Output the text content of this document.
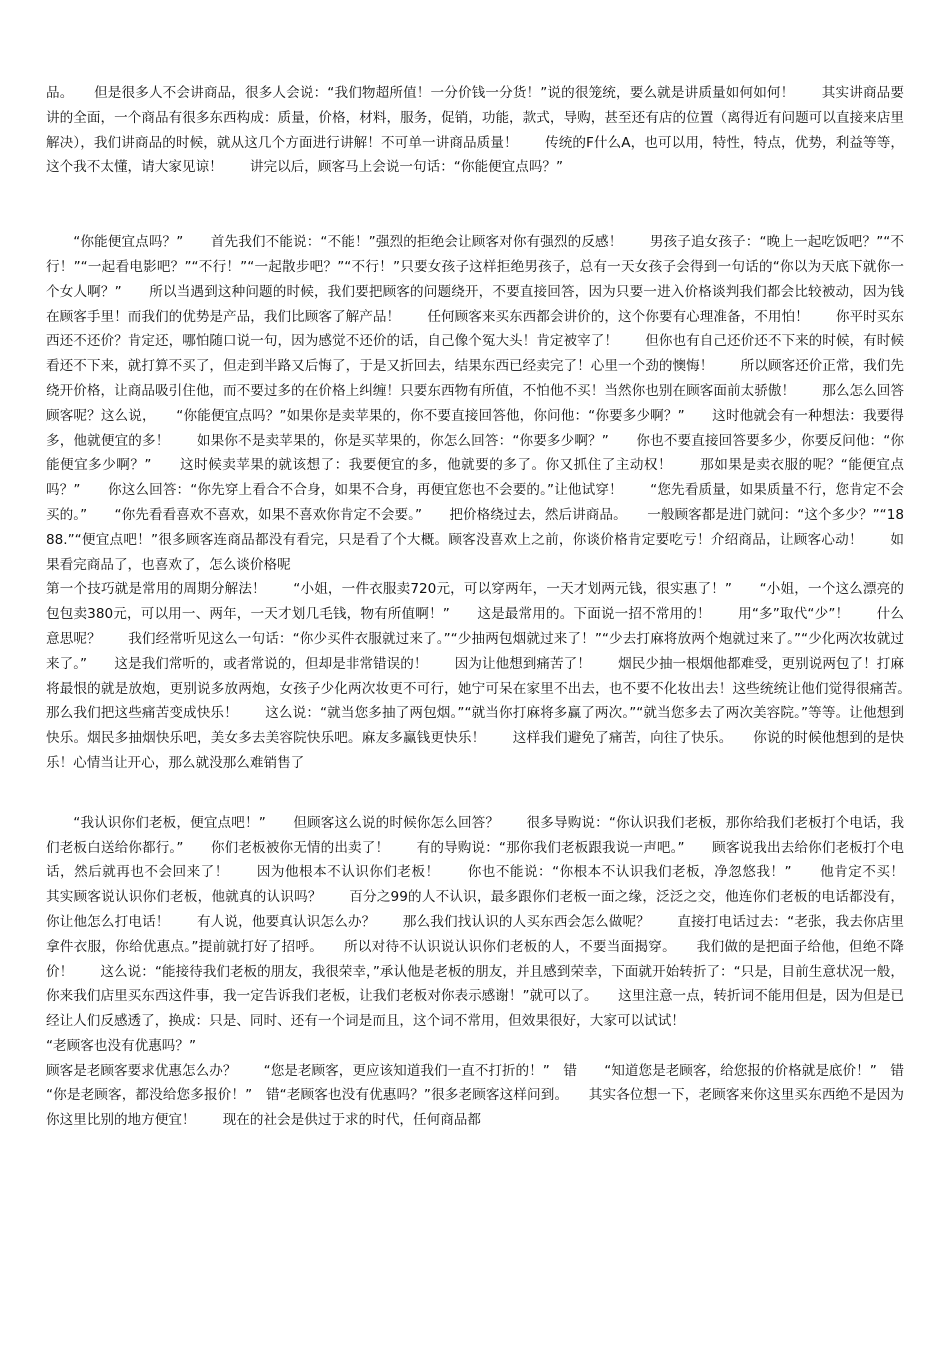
品。　　但是很多人不会讲商品，很多人会说：“我们物超所值！一分价钱一分货！”说的很笼统，要么就是讲质量如何如何！　　其实讲商品要讲的全面，一个商品有很多东西构成：质量，价格，材料，服务，促销，功能，款式，导购，甚至还有店的位置（离得近有问题可以直接来店里解决），我们讲商品的时候，就从这几个方面进行讲解！不可单一讲商品质量！　　传统的F什么A，也可以用，特性，特点，优势，利益等等，这个我不太懂，请大家见谅！　　讲完以后，顾客马上会说一句话：“你能便宜点吗？”

“你能便宜点吗？”　　首先我们不能说：“不能！”强烈的拒绝会让顾客对你有强烈的反感！　　男孩子追女孩子：“晚上一起吃饭吧？”“不行！”“一起看电影吧？”“不行！”“一起散步吧？”“不行！”只要女孩子这样拒绝男孩子，总有一天女孩子会得到一句话的“你以为天底下就你一个女人啊？”　　所以当遇到这种问题的时候，我们要把顾客的问题绕开，不要直接回答，因为只要一进入价格谈判我们都会比较被动，因为钱在顾客手里！而我们的优势是产品，我们比顾客了解产品！　　任何顾客来买东西都会讲价的，这个你要有心理准备，不用怕！　　你平时买东西还不还价？肯定还，哪怕随口说一句，因为感觉不还价的话，自己像个冤大头！肯定被宰了！　　但你也有自己还价还不下来的时候，有时候看还不下来，就打算不买了，但走到半路又后悔了，于是又折回去，结果东西已经卖完了！心里一个劲的懊悔！　　所以顾客还价正常，我们先绕开价格，让商品吸引住他，而不要过多的在价格上纠缠！只要东西物有所值，不怕他不买！当然你也别在顾客面前太骄傲！　　那么怎么回答顾客呢？这么说，　　“你能便宜点吗？”如果你是卖苹果的，你不要直接回答他，你问他：“你要多少啊？”　　这时他就会有一种想法：我要得多，他就便宜的多！　　如果你不是卖苹果的，你是买苹果的，你怎么回答：“你要多少啊？”　　你也不要直接回答要多少，你要反问他：“你能便宜多少啊？”　　这时候卖苹果的就该想了：我要便宜的多，他就要的多了。你又抓住了主动权！　　那如果是卖衣服的呢？“能便宜点吗？”　　你这么回答：“你先穿上看合不合身，如果不合身，再便宜您也不会要的。”让他试穿！　　“您先看质量，如果质量不行，您肯定不会买的。”　　“你先看看喜欢不喜欢，如果不喜欢你肯定不会要。”　　把价格绕过去，然后讲商品。　　一般顾客都是进门就问：“这个多少？”“1888.”“便宜点吧！”很多顾客连商品都没有看完，只是看了个大概。顾客没喜欢上之前，你谈价格肯定要吃亏！介绍商品，让顾客心动！　　如果看完商品了，也喜欢了，怎么谈价格呢

第一个技巧就是常用的周期分解法！　　“小姐，一件衣服卖720元，可以穿两年，一天才划两元钱，很实惠了！”　　“小姐，一个这么漂亮的包包卖380元，可以用一、两年，一天才划几毛钱，物有所值啊！”　　这是最常用的。下面说一招不常用的！　　用“多”取代“少”！　　什么意思呢？　　我们经常听见这么一句话：“你少买件衣服就过来了。”“少抽两包烟就过来了！”“少去打麻将放两个炮就过来了。”“少化两次妆就过来了。”　　这是我们常听的，或者常说的，但却是非常错误的！　　因为让他想到痛苦了！　　烟民少抽一根烟他都难受，更别说两包了！打麻将最恨的就是放炮，更别说多放两炮，女孩子少化两次妆更不可行，她宁可呆在家里不出去，也不要不化妆出去！这些统统让他们觉得很痛苦。　　那么我们把这些痛苦变成快乐！　　这么说：“就当您多抽了两包烟。”“就当你打麻将多赢了两次。”“就当您多去了两次美容院。”等等。让他想到快乐。烟民多抽烟快乐吧，美女多去美容院快乐吧。麻友多赢钱更快乐！　　这样我们避免了痛苦，向往了快乐。　　你说的时候他想到的是快乐！心情当让开心，那么就没那么难销售了

“我认识你们老板，便宜点吧！”　　但顾客这么说的时候你怎么回答？　　很多导购说：“你认识我们老板，那你给我们老板打个电话，我们老板白送给你都行。”　　你们老板被你无情的出卖了！　　有的导购说：“那你我们老板跟我说一声吧。”　　顾客说我出去给你们老板打个电话，然后就再也不会回来了！　　因为他根本不认识你们老板！　　你也不能说：“你根本不认识我们老板，净忽悠我！”　　他肯定不买！　　其实顾客说认识你们老板，他就真的认识吗？　　百分之99的人不认识，最多跟你们老板一面之缘，泛泛之交，他连你们老板的电话都没有，你让他怎么打电话！　　有人说，他要真认识怎么办？　　那么我们找认识的人买东西会怎么做呢？　　直接打电话过去：“老张，我去你店里拿件衣服，你给优惠点。”提前就打好了招呼。　　所以对待不认识说认识你们老板的人，不要当面揭穿。　　我们做的是把面子给他，但绝不降价！　　这么说：“能接待我们老板的朋友，我很荣幸，”承认他是老板的朋友，并且感到荣幸，下面就开始转折了：“只是，目前生意状况一般，你来我们店里买东西这件事，我一定告诉我们老板，让我们老板对你表示感谢！”就可以了。　　这里注意一点，转折词不能用但是，因为但是已经让人们反感透了，换成：只是、同时、还有一个词是而且，这个词不常用，但效果很好，大家可以试试！

“老顾客也没有优惠吗？”

顾客是老顾客要求优惠怎么办？　　“您是老顾客，更应该知道我们一直不打折的！”　错　　“知道您是老顾客，给您报的价格就是底价！”　错　　“你是老顾客，都没给您多报价！”　错“老顾客也没有优惠吗？”很多老顾客这样问到。　　其实各位想一下，老顾客来你这里买东西绝不是因为你这里比别的地方便宜！　　现在的社会是供过于求的时代，任何商品都
